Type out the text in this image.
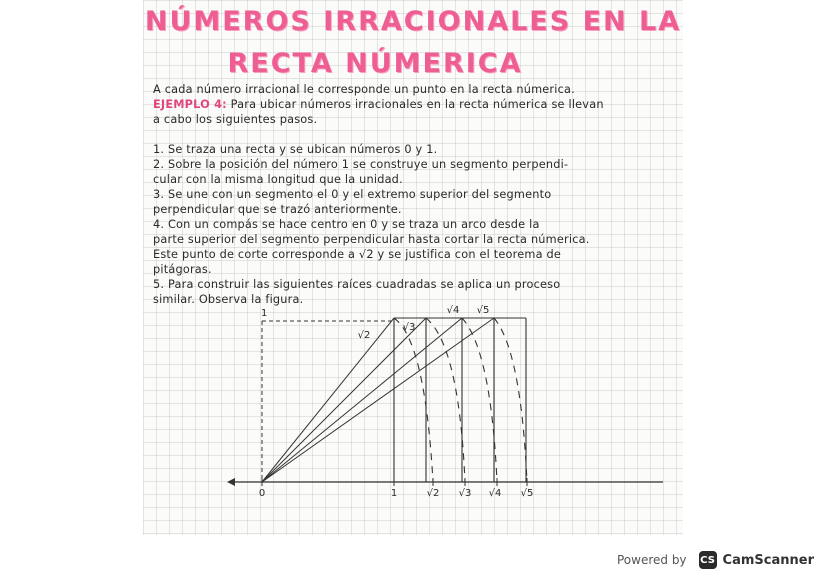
NÚMEROS IRRACIONALES EN LA
RECTA NÚMERICA
A cada número irracional le corresponde un punto en la recta númerica.
EJEMPLO 4: Para ubicar números irracionales en la recta númerica se llevan
a cabo los siguientes pasos.
1. Se traza una recta y se ubican números 0 y 1.
2. Sobre la posición del número 1 se construye un segmento perpendi-
cular con la misma longitud que la unidad.
3. Se une con un segmento el 0 y el extremo superior del segmento
perpendicular que se trazó anteriormente.
4. Con un compás se hace centro en 0 y se traza un arco desde la
parte superior del segmento perpendicular hasta cortar la recta númerica.
Este punto de corte corresponde a √2 y se justifica con el teorema de
pitágoras.
5. Para construir las siguientes raíces cuadradas se aplica un proceso
similar. Observa la figura.
1
0	1	√2 √3 √4 √5
√2
√3
√4 √5
Powered by CS CamScanner
